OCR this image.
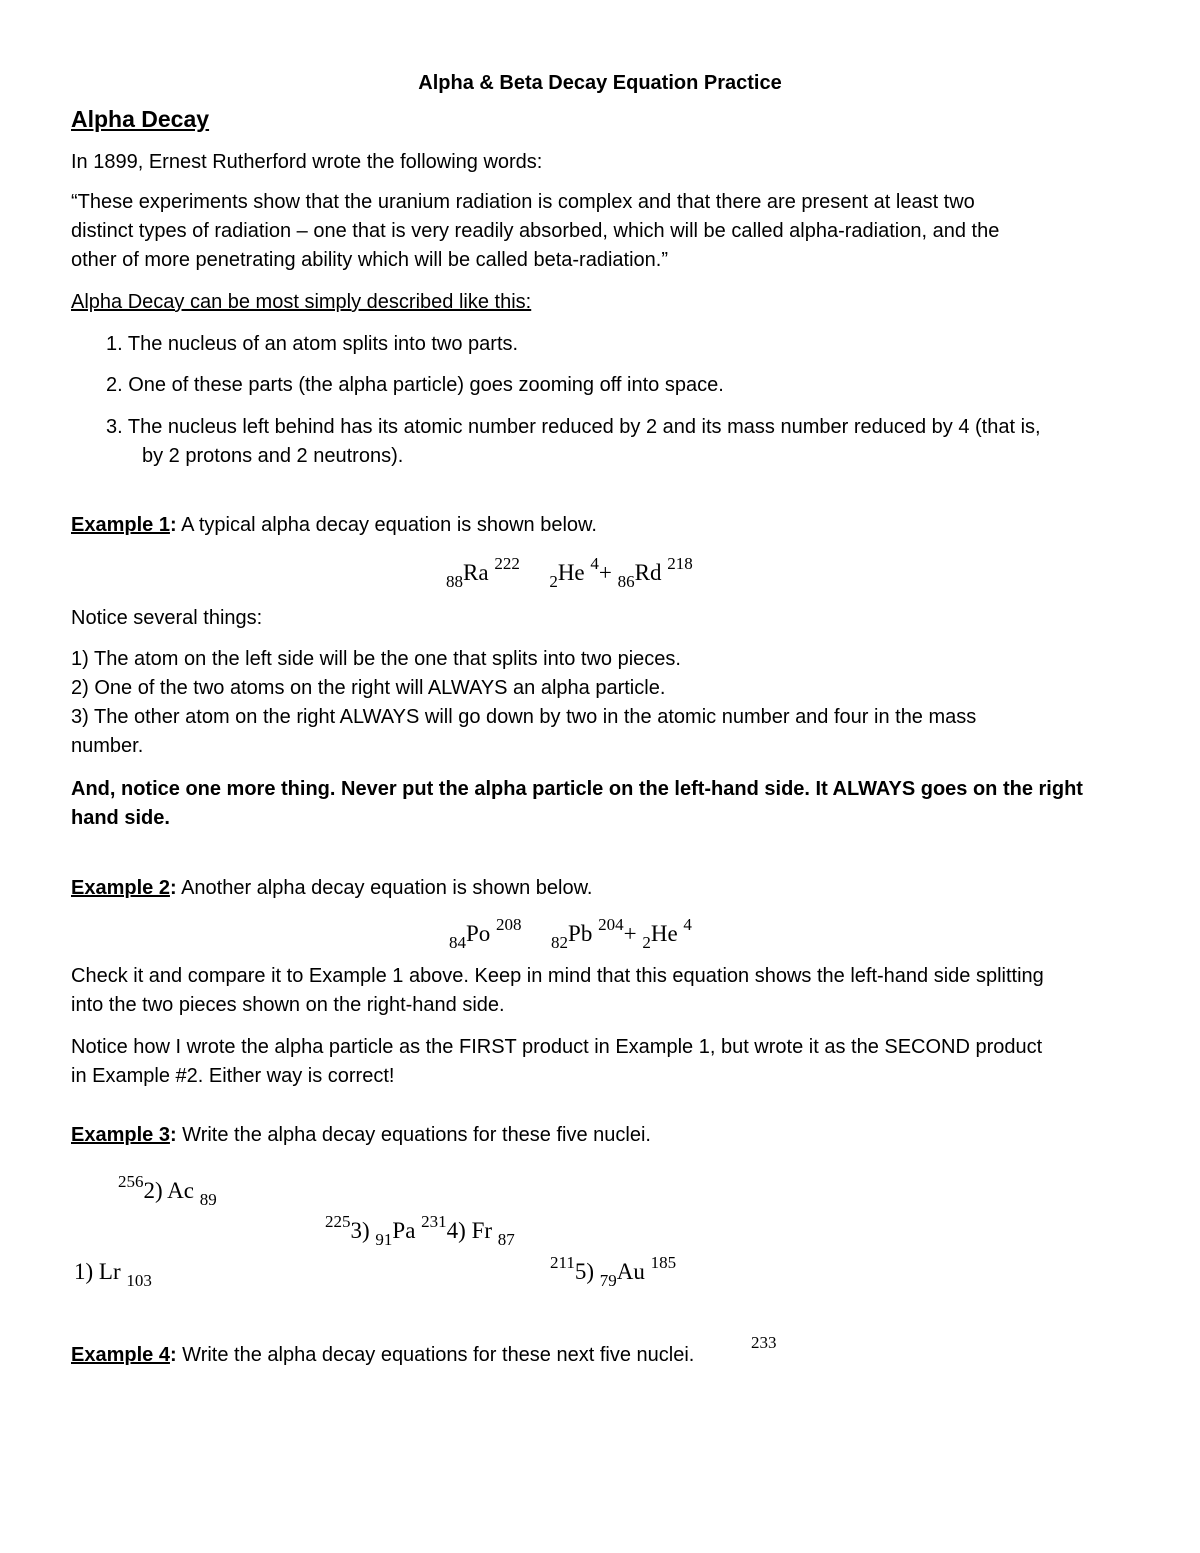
Alpha & Beta Decay Equation Practice
Alpha Decay
In 1899, Ernest Rutherford wrote the following words:
“These experiments show that the uranium radiation is complex and that there are present at least two
distinct types of radiation – one that is very readily absorbed, which will be called alpha-radiation, and the
other of more penetrating ability which will be called beta-radiation.”
Alpha Decay can be most simply described like this:
1. The nucleus of an atom splits into two parts.
2. One of these parts (the alpha particle) goes zooming off into space.
3. The nucleus left behind has its atomic number reduced by 2 and its mass number reduced by 4 (that is,
by 2 protons and 2 neutrons).
Example 1: A typical alpha decay equation is shown below.
$_{88}$Ra $^{222}$  $_2$He $^4$+ $_{86}$Rd $^{218}$
Notice several things:
1) The atom on the left side will be the one that splits into two pieces.
2) One of the two atoms on the right will ALWAYS an alpha particle.
3) The other atom on the right ALWAYS will go down by two in the atomic number and four in the mass
number.
And, notice one more thing. Never put the alpha particle on the left-hand side. It ALWAYS goes on the right
hand side.
Example 2: Another alpha decay equation is shown below.
$_{84}$Po $^{208}$  $_{82}$Pb $^{204}$+ $_2$He $^4$
Check it and compare it to Example 1 above. Keep in mind that this equation shows the left-hand side splitting
into the two pieces shown on the right-hand side.
Notice how I wrote the alpha particle as the FIRST product in Example 1, but wrote it as the SECOND product
in Example #2. Either way is correct!
Example 3: Write the alpha decay equations for these five nuclei.
$^{256}$2) Ac $_{89}$
$^{225}$3) $_{91}$Pa $^{231}$4) Fr $_{87}$
1) Lr $_{103}$
$^{211}$5) $_{79}$Au $^{185}$
Example 4: Write the alpha decay equations for these next five nuclei.
233
